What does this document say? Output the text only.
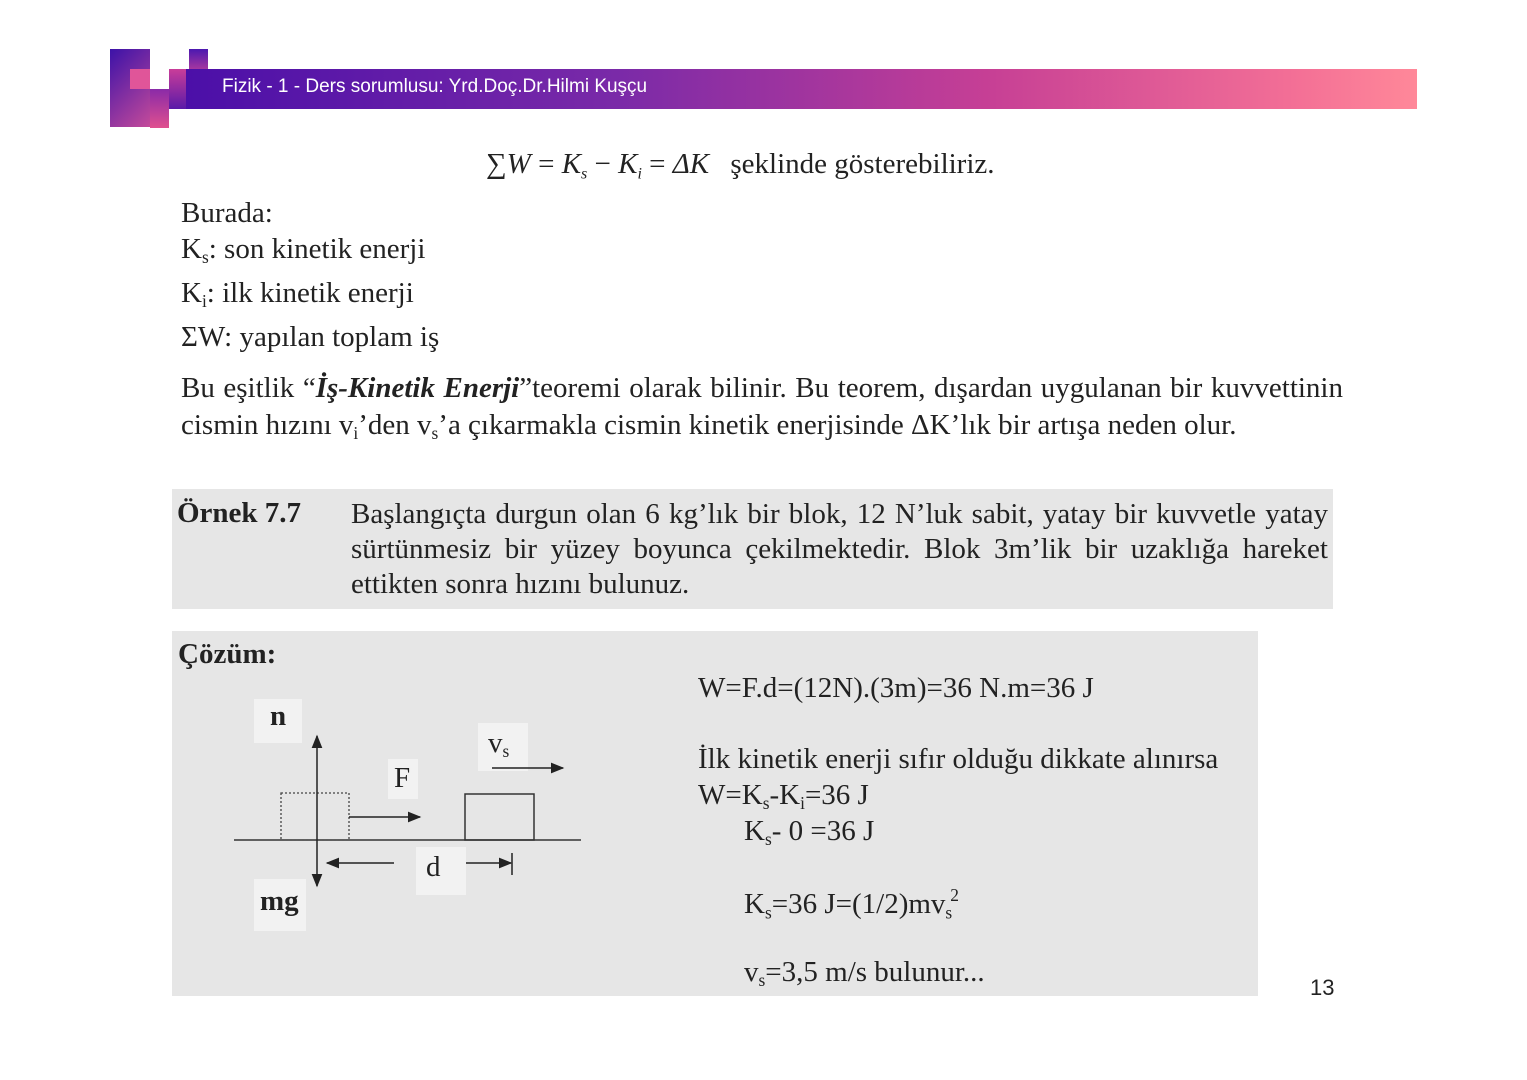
Fizik - 1 - Ders sorumlusu: Yrd.Doç.Dr.Hilmi Kuşçu
$\sum W = K_s - K_i = \Delta K$ şeklinde gösterebiliriz.
Burada:
Ks: son kinetik enerji
Ki: ilk kinetik enerji
ΣW: yapılan toplam iş
Bu eşitlik “İş-Kinetik Enerji”teoremi olarak bilinir. Bu teorem, dışardan uygulanan bir kuvvettinin cismin hızını vi’den vs’a çıkarmakla cismin kinetik enerjisinde ΔK’lık bir artışa neden olur.
Örnek 7.7 Başlangıçta durgun olan 6 kg’lık bir blok, 12 N’luk sabit, yatay bir kuvvetle yatay sürtünmesiz bir yüzey boyunca çekilmektedir. Blok 3m’lik bir uzaklığa hareket ettikten sonra hızını bulunuz.
Çözüm:
n
mg
F
d
vs
W=F.d=(12N).(3m)=36 N.m=36 J
İlk kinetik enerji sıfır olduğu dikkate alınırsa
W=Ks-Ki=36 J
Ks- 0 =36 J
Ks=36 J=(1/2)mvs$^2$
vs=3,5 m/s bulunur...	13
